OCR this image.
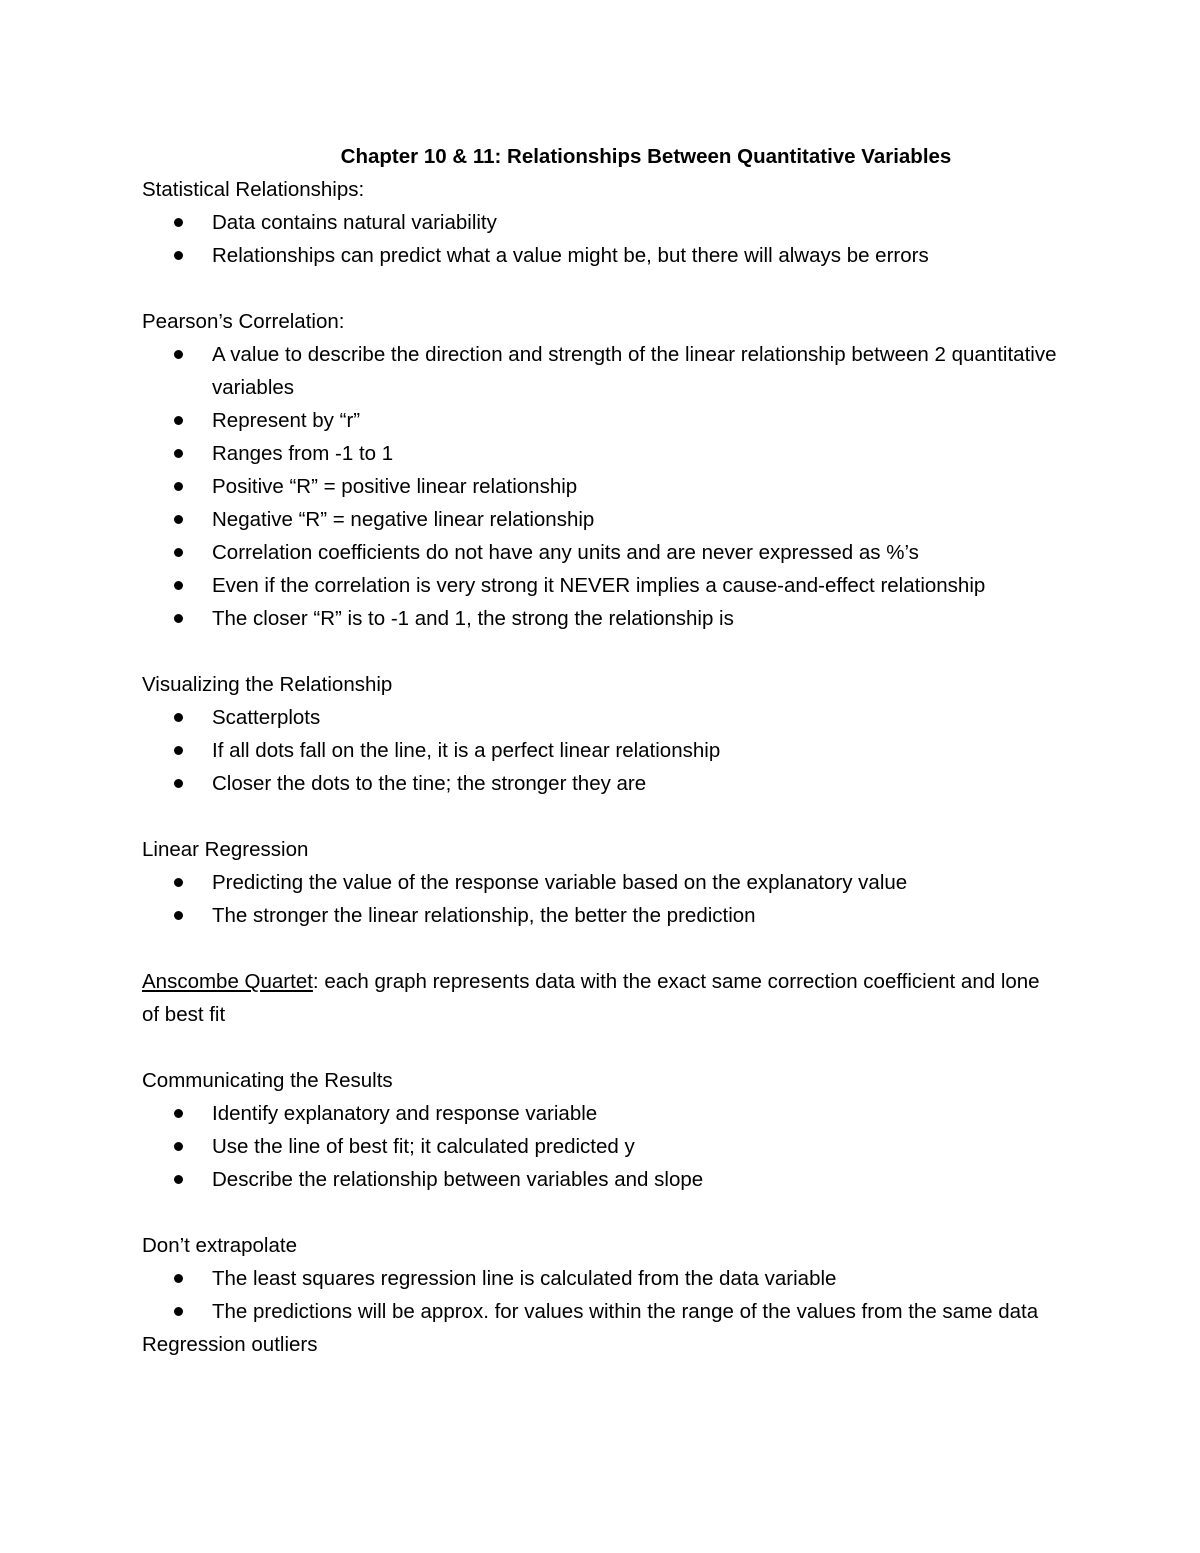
Chapter 10 & 11: Relationships Between Quantitative Variables

Statistical Relationships:

Data contains natural variability
Relationships can predict what a value might be, but there will always be errors

Pearson’s Correlation:

A value to describe the direction and strength of the linear relationship between 2 quantitative variables
Represent by “r”
Ranges from -1 to 1
Positive “R” = positive linear relationship
Negative “R” = negative linear relationship
Correlation coefficients do not have any units and are never expressed as %’s
Even if the correlation is very strong it NEVER implies a cause-and-effect relationship
The closer “R” is to -1 and 1, the strong the relationship is

Visualizing the Relationship

Scatterplots
If all dots fall on the line, it is a perfect linear relationship
Closer the dots to the tine; the stronger they are

Linear Regression

Predicting the value of the response variable based on the explanatory value
The stronger the linear relationship, the better the prediction

Anscombe Quartet: each graph represents data with the exact same correction coefficient and lone of best fit

Communicating the Results

Identify explanatory and response variable
Use the line of best fit; it calculated predicted y
Describe the relationship between variables and slope

Don’t extrapolate

The least squares regression line is calculated from the data variable
The predictions will be approx. for values within the range of the values from the same data

Regression outliers
